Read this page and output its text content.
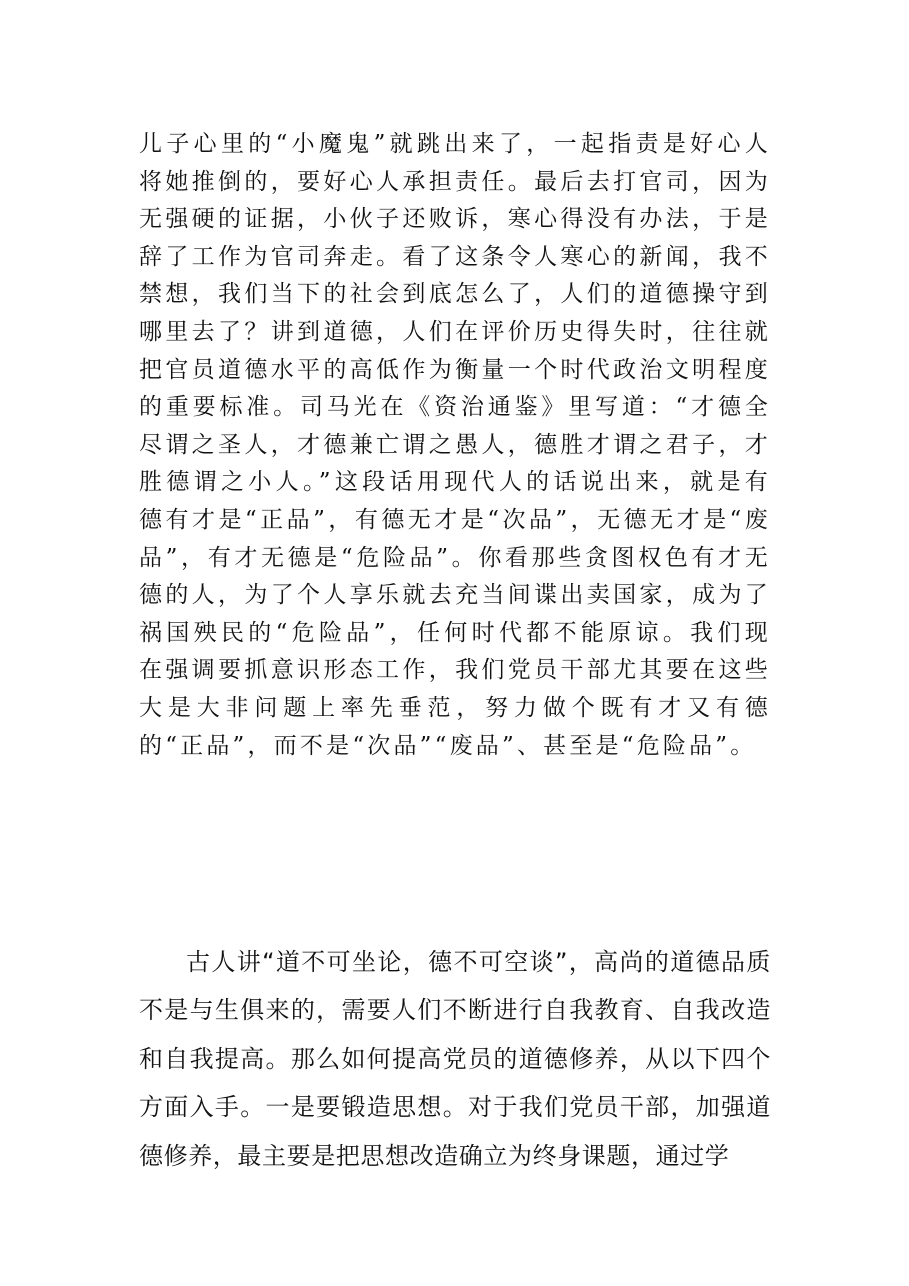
儿子心里的“小魔鬼”就跳出来了，一起指责是好心人将她推倒的，要好心人承担责任。最后去打官司，因为无强硬的证据，小伙子还败诉，寒心得没有办法，于是辞了工作为官司奔走。看了这条令人寒心的新闻，我不禁想，我们当下的社会到底怎么了，人们的道德操守到哪里去了？讲到道德，人们在评价历史得失时，往往就把官员道德水平的高低作为衡量一个时代政治文明程度的重要标准。司马光在《资治通鉴》里写道：“才德全尽谓之圣人，才德兼亡谓之愚人，德胜才谓之君子，才胜德谓之小人。”这段话用现代人的话说出来，就是有德有才是“正品”，有德无才是“次品”，无德无才是“废品”，有才无德是“危险品”。你看那些贪图权色有才无德的人，为了个人享乐就去充当间谍出卖国家，成为了祸国殃民的“危险品”，任何时代都不能原谅。我们现在强调要抓意识形态工作，我们党员干部尤其要在这些大是大非问题上率先垂范，努力做个既有才又有德的“正品”，而不是“次品”“废品”、甚至是“危险品”。

古人讲“道不可坐论，德不可空谈”，高尚的道德品质不是与生俱来的，需要人们不断进行自我教育、自我改造和自我提高。那么如何提高党员的道德修养，从以下四个方面入手。一是要锻造思想。对于我们党员干部，加强道德修养，最主要是把思想改造确立为终身课题，通过学
